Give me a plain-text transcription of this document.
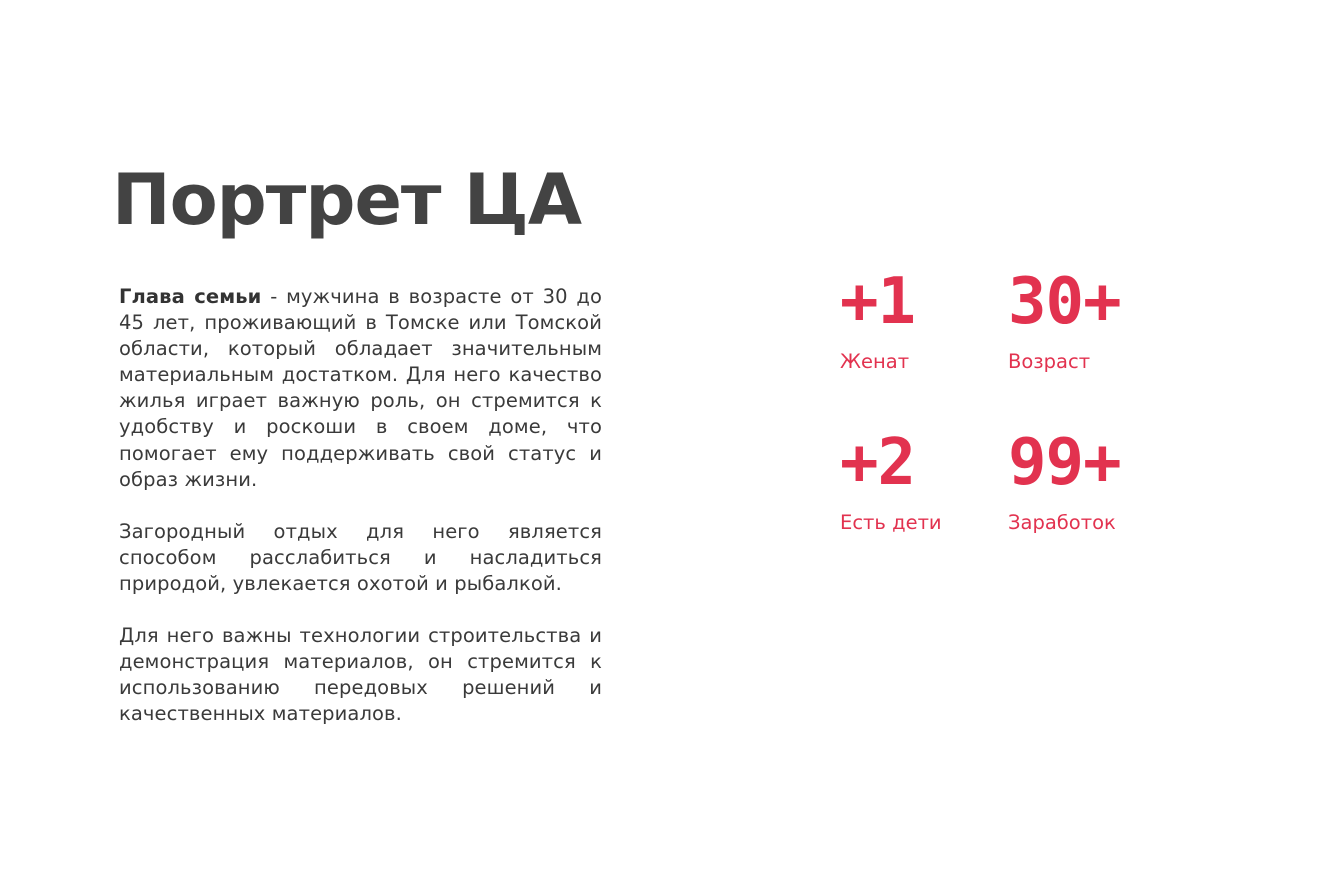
Портрет ЦА

Глава семьи - мужчина в возрасте от 30 до 45 лет, проживающий в Томске или Томской области, который обладает значительным материальным достатком. Для него качество жилья играет важную роль, он стремится к удобству и роскоши в своем доме, что помогает ему поддерживать свой статус и образ жизни.

Загородный отдых для него является способом расслабиться и насладиться природой, увлекается охотой и рыбалкой.

Для него важны технологии строительства и демонстрация материалов, он стремится к использованию передовых решений и качественных материалов.

+1
Женат
30+
Возраст
+2
Есть дети
99+
Заработок
